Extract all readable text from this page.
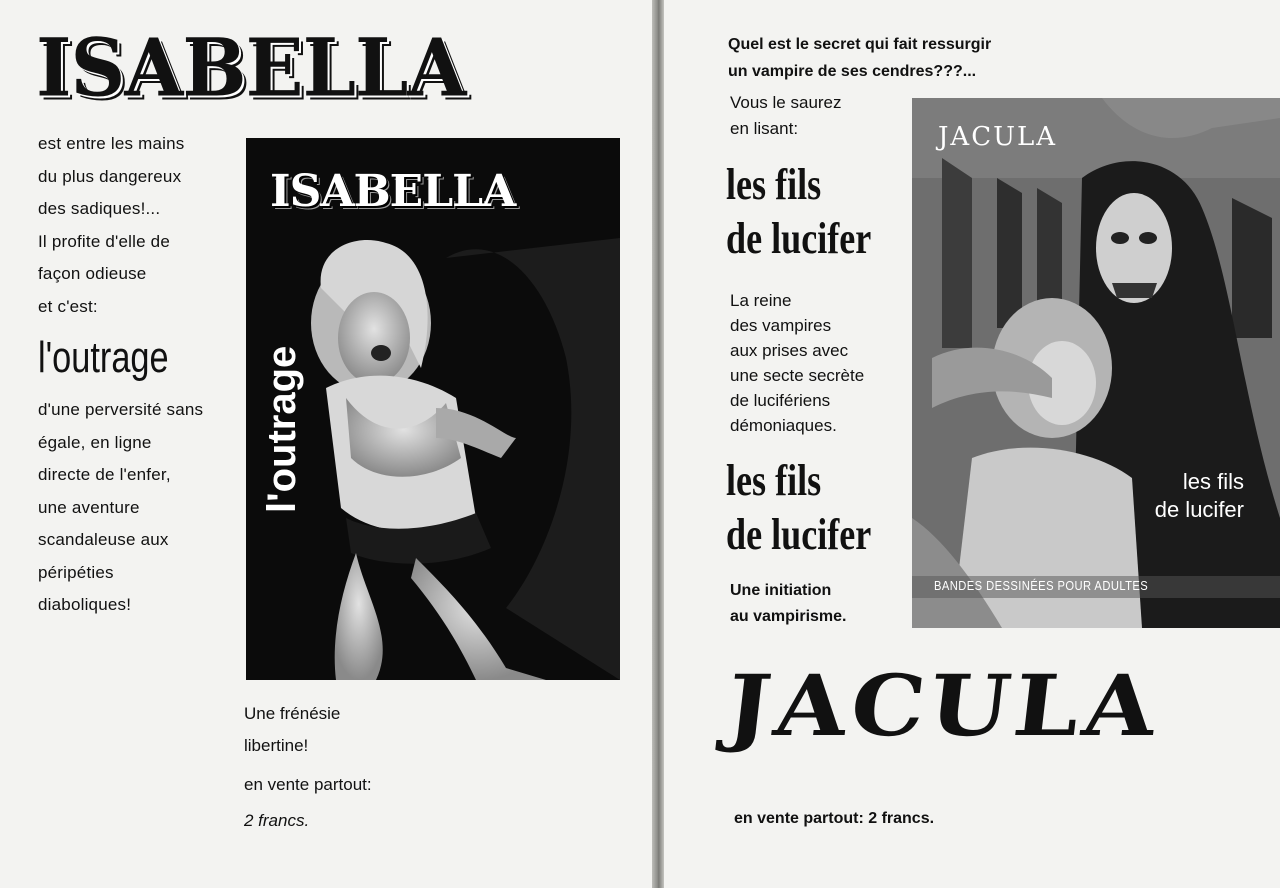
ISABELLA
est entre les mains
du plus dangereux
des sadiques!...
Il profite d'elle de
façon odieuse
et c'est:
l'outrage
d'une perversité sans
égale, en ligne
directe de l'enfer,
une aventure
scandaleuse aux
péripéties
diaboliques!
ISABELLA
l'outrage
Une frénésie
libertine!
en vente partout:
2 francs.
Quel est le secret qui fait ressurgir
un vampire de ses cendres???...
Vous le saurez
en lisant:
les fils
de lucifer
La reine
des vampires
aux prises avec
une secte secrète
de lucifériens
démoniaques.
les fils
de lucifer
Une initiation
au vampirisme.
JACULA
les fils
de lucifer
BANDES DESSINÉES POUR ADULTES
JACULA
en vente partout: 2 francs.
